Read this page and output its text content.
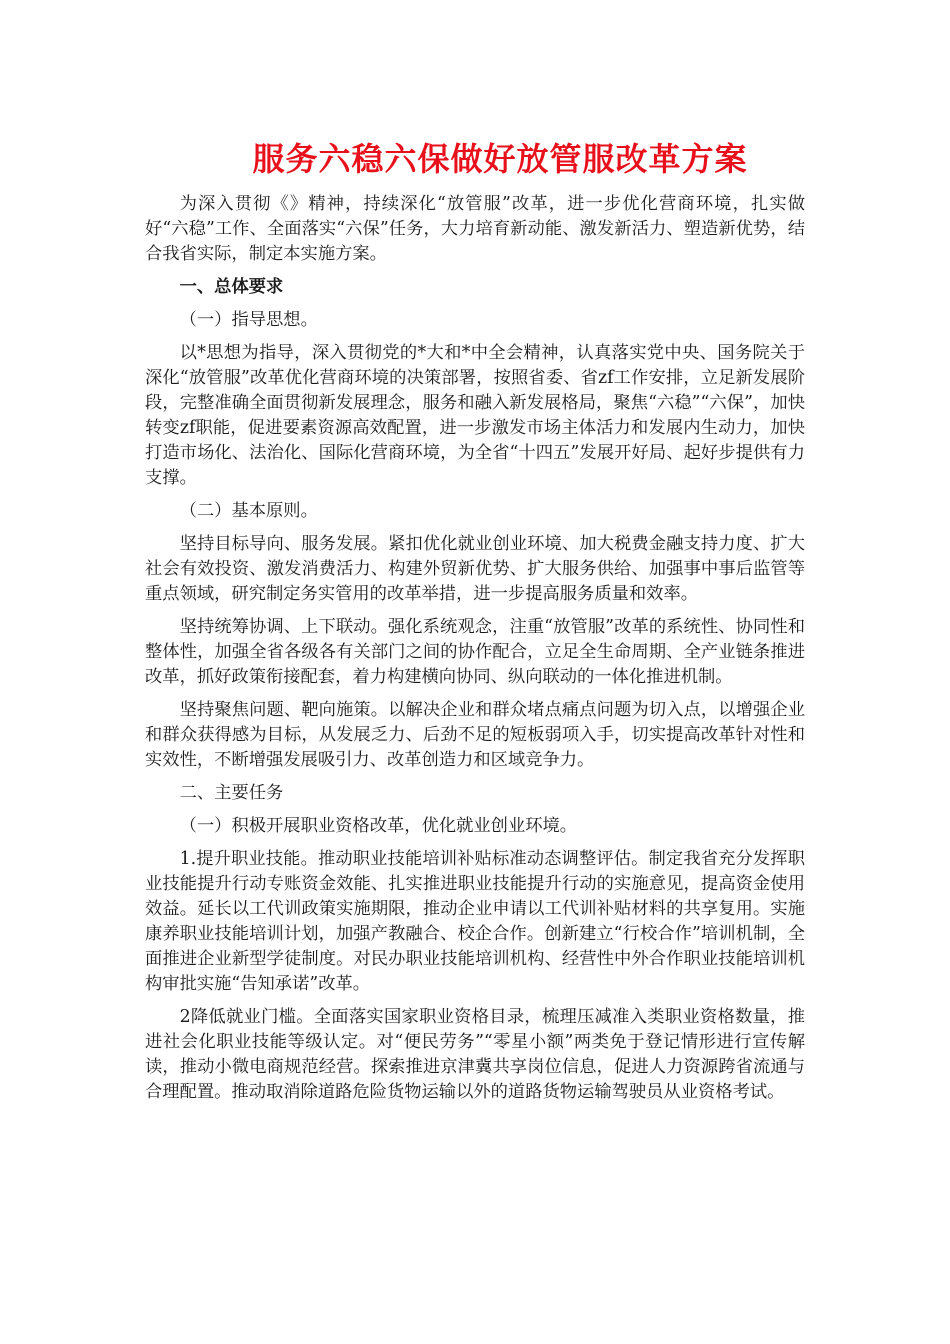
服务六稳六保做好放管服改革方案

为深入贯彻《》精神，持续深化“放管服”改革，进一步优化营商环境，扎实做好“六稳”工作、全面落实“六保”任务，大力培育新动能、激发新活力、塑造新优势，结合我省实际，制定本实施方案。

一、总体要求

（一）指导思想。

以*思想为指导，深入贯彻党的*大和*中全会精神，认真落实党中央、国务院关于深化“放管服”改革优化营商环境的决策部署，按照省委、省zf工作安排，立足新发展阶段，完整准确全面贯彻新发展理念，服务和融入新发展格局，聚焦“六稳”“六保”，加快转变zf职能，促进要素资源高效配置，进一步激发市场主体活力和发展内生动力，加快打造市场化、法治化、国际化营商环境，为全省“十四五”发展开好局、起好步提供有力支撑。

（二）基本原则。

坚持目标导向、服务发展。紧扣优化就业创业环境、加大税费金融支持力度、扩大社会有效投资、激发消费活力、构建外贸新优势、扩大服务供给、加强事中事后监管等重点领域，研究制定务实管用的改革举措，进一步提高服务质量和效率。

坚持统筹协调、上下联动。强化系统观念，注重“放管服”改革的系统性、协同性和整体性，加强全省各级各有关部门之间的协作配合，立足全生命周期、全产业链条推进改革，抓好政策衔接配套，着力构建横向协同、纵向联动的一体化推进机制。

坚持聚焦问题、靶向施策。以解决企业和群众堵点痛点问题为切入点，以增强企业和群众获得感为目标，从发展乏力、后劲不足的短板弱项入手，切实提高改革针对性和实效性，不断增强发展吸引力、改革创造力和区域竞争力。

二、主要任务

（一）积极开展职业资格改革，优化就业创业环境。

1.提升职业技能。推动职业技能培训补贴标准动态调整评估。制定我省充分发挥职业技能提升行动专账资金效能、扎实推进职业技能提升行动的实施意见，提高资金使用效益。延长以工代训政策实施期限，推动企业申请以工代训补贴材料的共享复用。实施康养职业技能培训计划，加强产教融合、校企合作。创新建立“行校合作”培训机制，全面推进企业新型学徒制度。对民办职业技能培训机构、经营性中外合作职业技能培训机构审批实施“告知承诺”改革。

2降低就业门槛。全面落实国家职业资格目录，梳理压减准入类职业资格数量，推进社会化职业技能等级认定。对“便民劳务”“零星小额”两类免于登记情形进行宣传解读，推动小微电商规范经营。探索推进京津冀共享岗位信息，促进人力资源跨省流通与合理配置。推动取消除道路危险货物运输以外的道路货物运输驾驶员从业资格考试。
